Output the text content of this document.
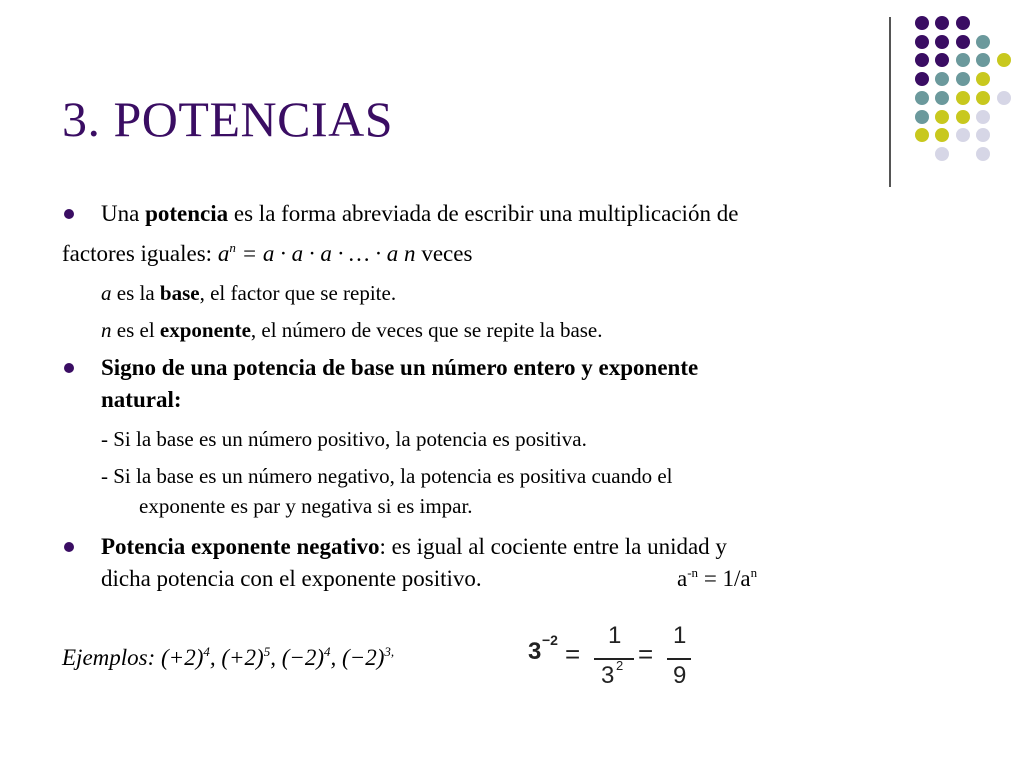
3. POTENCIAS
Una potencia es la forma abreviada de escribir una multiplicación de
factores iguales: $a^n = a \cdot a \cdot a$ · … · a n veces
a es la base, el factor que se repite.
n es el exponente, el número de veces que se repite la base.
Signo de una potencia de base un número entero y exponente
natural:
- Si la base es un número positivo, la potencia es positiva.
- Si la base es un número negativo, la potencia es positiva cuando el
exponente es par y negativa si es impar.
Potencia exponente negativo: es igual al cociente entre la unidad y
dicha potencia con el exponente positivo.	$a^{-n} = 1/a^n$
Ejemplos: $(+2)^4$, $(+2)^5$, $(-2)^4$, $(-2)^{3,}$	3 −2 =
1
3 2 =
1
9
